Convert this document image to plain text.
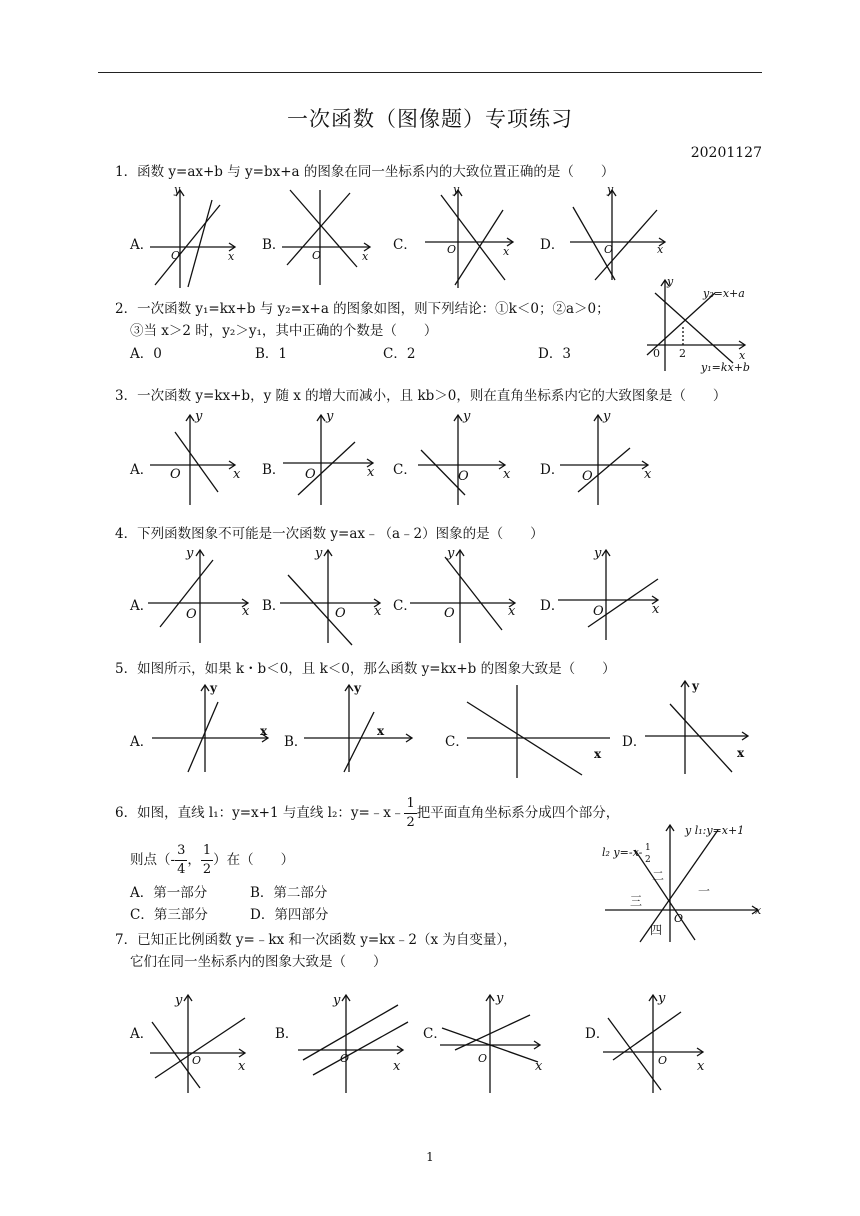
一次函数（图像题）专项练习
20201127
1．函数 y=ax+b 与 y=bx+a 的图象在同一坐标系内的大致位置正确的是（　　）
A．
O	x
y
B．
O	x
C．	O	x
y
D．	O	x
y
2．一次函数 y₁=kx+b 与 y₂=x+a 的图象如图，则下列结论：①k＜0；②a＞0；
③当 x＞2 时，y₂＞y₁，其中正确的个数是（　　）
A．0	B．1	C．2	D．3
y
x
0 2
y₂=x+a
y₁=kx+b
3．一次函数 y=kx+b，y 随 x 的增大而减小，且 kb＞0，则在直角坐标系内它的大致图象是（　　）
A． O	x
y
B． O	x
y
C．	O	x
y
D． O	x
y
4．下列函数图象不可能是一次函数 y=ax﹣（a﹣2）图象的是（　　）
A．
O	x
y
B．	O x
y
C． O	x
y
D． O	x
y
5．如图所示，如果 k・b＜0，且 k＜0，那么函数 y=kx+b 的图象大致是（　　）
A．
y
x
B．
y
x
C．
x
D．
y
x
6．如图，直线 l₁：y=x+1 与直线 l₂：y=﹣x﹣ $\frac{1}{2}$ 把平面直角坐标系分成四个部分，
则点（- $\frac{3}{4}$ ， $\frac{1}{2}$ ）在（　　）
A．第一部分	B．第二部分
C．第三部分	D．第四部分
y l₁:y=x+1
l₂ y=-x- 1
2
O
x
一
二
三
四
7．已知正比例函数 y=﹣kx 和一次函数 y=kx﹣2（x 为自变量），
它们在同一坐标系内的图象大致是（　　）
A．
O	x
y
B．
O
x
y
C．
O
x
y
D．
O x
y
1
